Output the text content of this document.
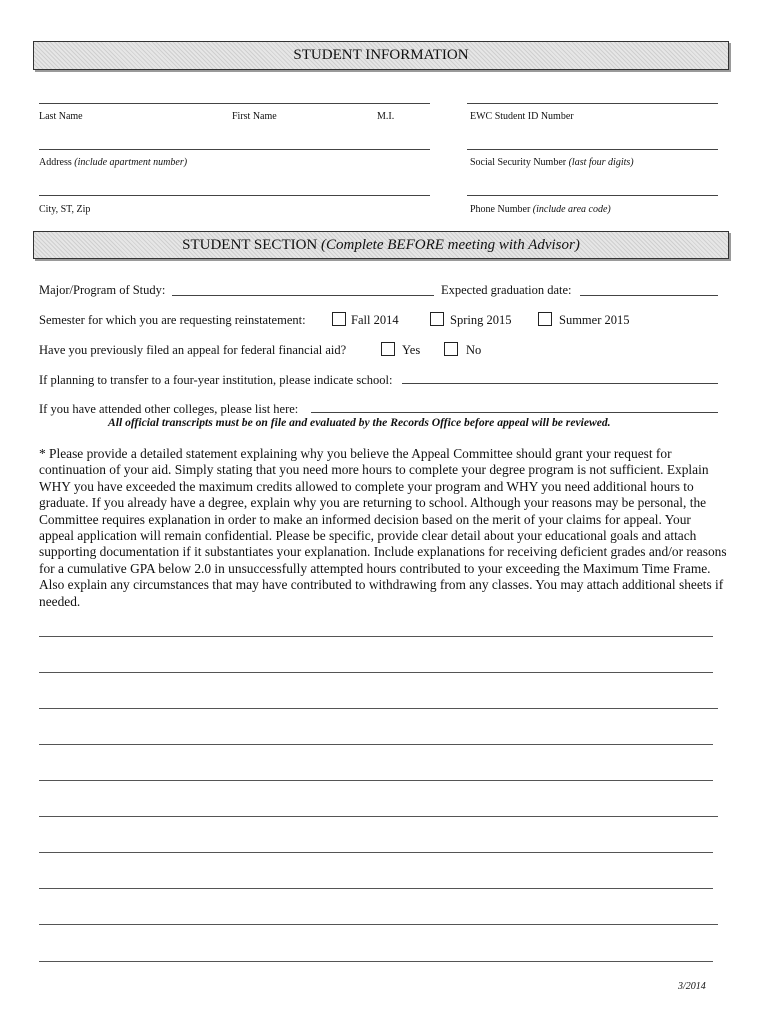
STUDENT INFORMATION
Last Name	First Name	M.I.	EWC Student ID Number
Address (include apartment number)	Social Security Number (last four digits)
City, ST, Zip	Phone Number (include area code)
STUDENT SECTION (Complete BEFORE meeting with Advisor)
Major/Program of Study:	Expected graduation date:
Semester for which you are requesting reinstatement:	Fall 2014	Spring 2015	Summer 2015
Have you previously filed an appeal for federal financial aid?	Yes	No
If planning to transfer to a four-year institution, please indicate school:
If you have attended other colleges, please list here:
All official transcripts must be on file and evaluated by the Records Office before appeal will be reviewed.
* Please provide a detailed statement explaining why you believe the Appeal Committee should grant your request for continuation of your aid. Simply stating that you need more hours to complete your degree program is not sufficient. Explain WHY you have exceeded the maximum credits allowed to complete your program and WHY you need additional hours to graduate. If you already have a degree, explain why you are returning to school. Although your reasons may be personal, the Committee requires explanation in order to make an informed decision based on the merit of your claims for appeal. Your appeal application will remain confidential. Please be specific, provide clear detail about your educational goals and attach supporting documentation if it substantiates your explanation. Include explanations for receiving deficient grades and/or reasons for a cumulative GPA below 2.0 in unsuccessfully attempted hours contributed to your exceeding the Maximum Time Frame. Also explain any circumstances that may have contributed to withdrawing from any classes. You may attach additional sheets if needed.
3/2014
